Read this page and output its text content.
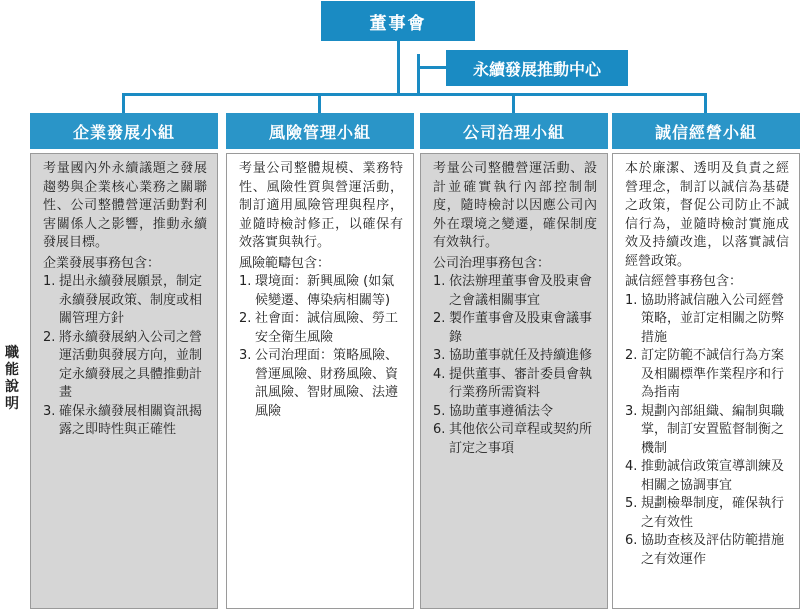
董事會
永續發展推動中心
職能說明
企業發展小組	風險管理小組	公司治理小組	誠信經營小組

考量國內外永續議題之發展趨勢與企業核心業務之關聯性、公司整體營運活動對利害關係人之影響，推動永續發展目標。

企業發展事務包含：

1. 提出永續發展願景，制定永續發展政策、制度或相關管理方針
2. 將永續發展納入公司之營運活動與發展方向，並制定永續發展之具體推動計畫
3. 確保永續發展相關資訊揭露之即時性與正確性

考量公司整體規模、業務特性、風險性質與營運活動，制訂適用風險管理與程序，並隨時檢討修正，以確保有效落實與執行。

風險範疇包含：

1. 環境面：新興風險 (如氣候變遷、傳染病相關等)
2. 社會面：誠信風險、勞工安全衛生風險
3. 公司治理面：策略風險、營運風險、財務風險、資訊風險、智財風險、法遵風險

考量公司整體營運活動、設計並確實執行內部控制制度，隨時檢討以因應公司內外在環境之變遷，確保制度有效執行。

公司治理事務包含：

1. 依法辦理董事會及股東會之會議相關事宜
2. 製作董事會及股東會議事錄
3. 協助董事就任及持續進修
4. 提供董事、審計委員會執行業務所需資料
5. 協助董事遵循法令
6. 其他依公司章程或契約所訂定之事項

本於廉潔、透明及負責之經營理念，制訂以誠信為基礎之政策，督促公司防止不誠信行為，並隨時檢討實施成效及持續改進，以落實誠信經營政策。

誠信經營事務包含：

1. 協助將誠信融入公司經營策略，並訂定相關之防弊措施
2. 訂定防範不誠信行為方案及相關標準作業程序和行為指南
3. 規劃內部組織、編制與職掌，制訂安置監督制衡之機制
4. 推動誠信政策宣導訓練及相關之協調事宜
5. 規劃檢舉制度，確保執行之有效性
6. 協助查核及評估防範措施之有效運作
